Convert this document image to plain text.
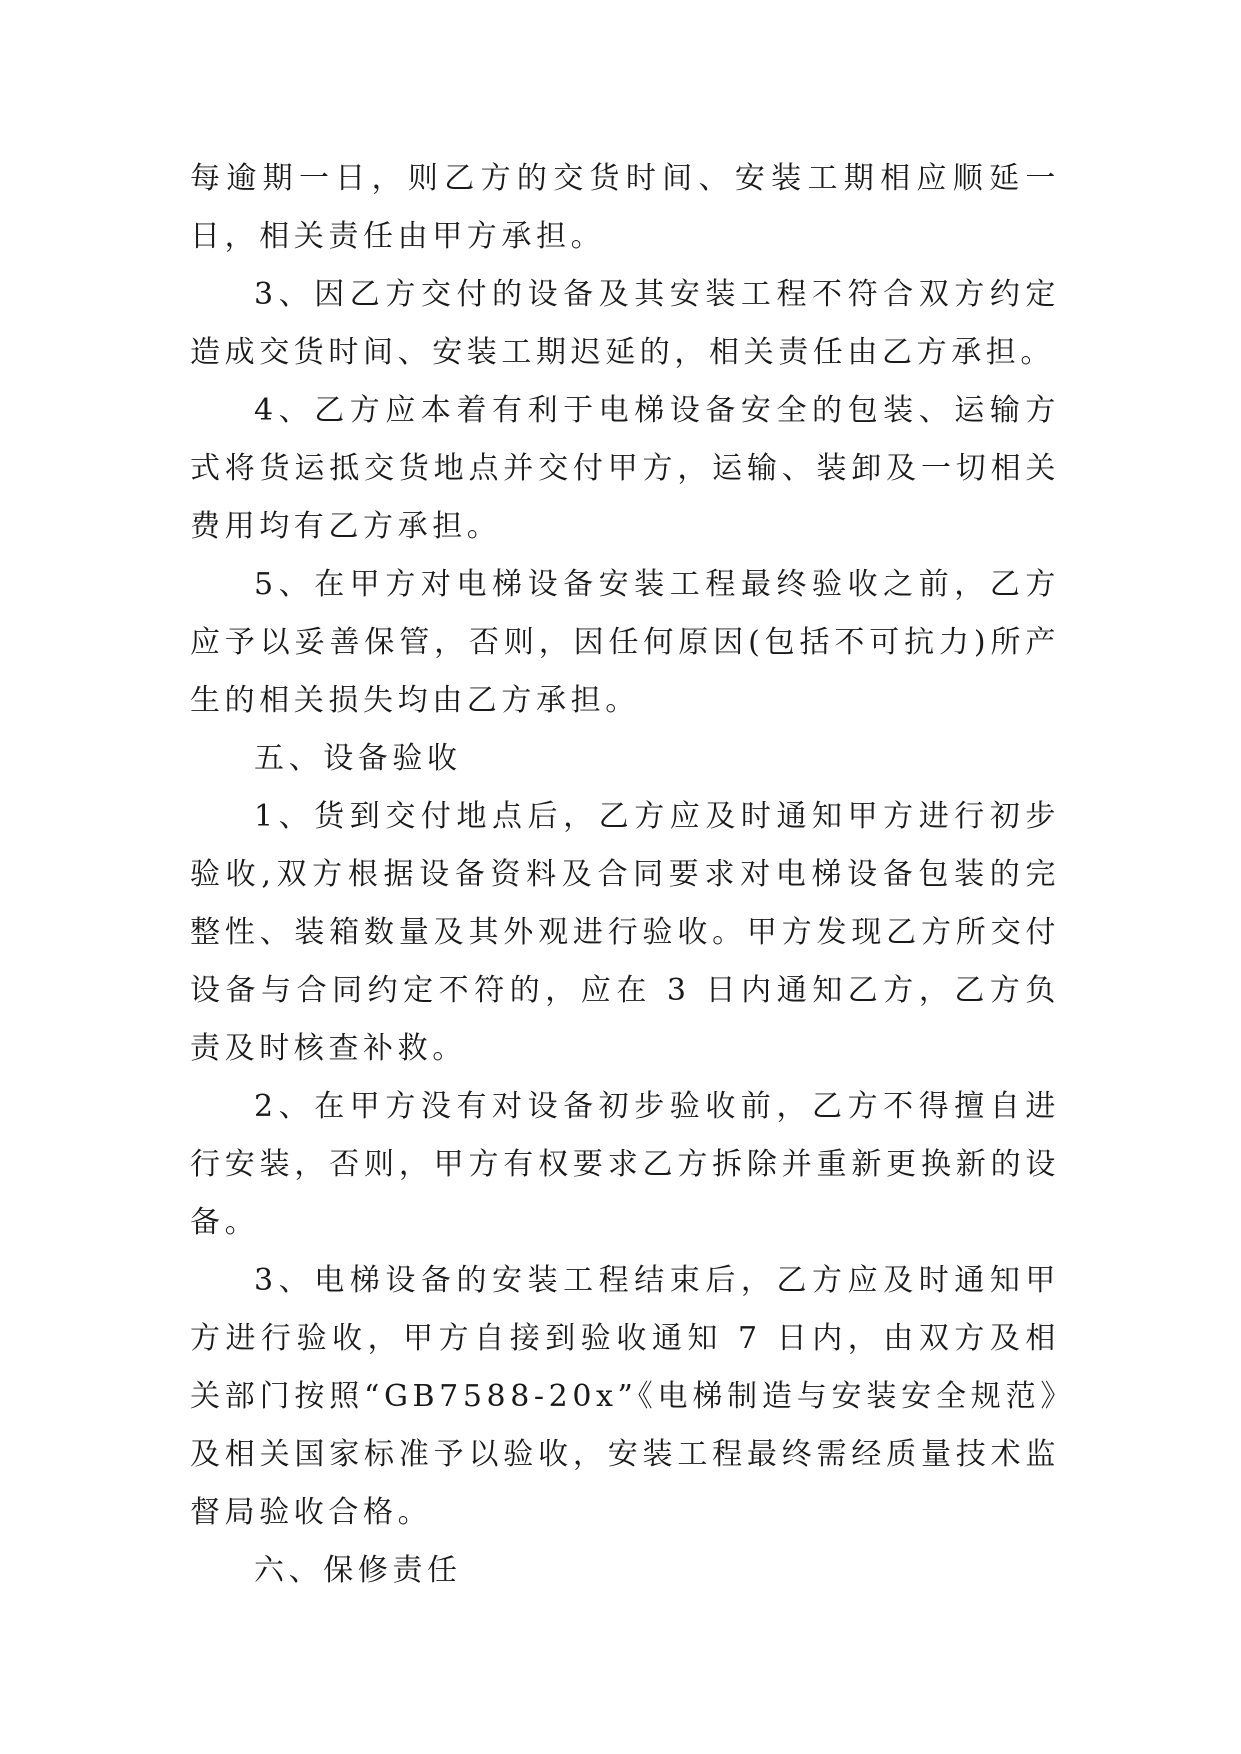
每逾期一日，则乙方的交货时间、安装工期相应顺延一日，相关责任由甲方承担。

3、因乙方交付的设备及其安装工程不符合双方约定造成交货时间、安装工期迟延的，相关责任由乙方承担。

4、乙方应本着有利于电梯设备安全的包装、运输方式将货运抵交货地点并交付甲方，运输、装卸及一切相关费用均有乙方承担。

5、在甲方对电梯设备安装工程最终验收之前，乙方应予以妥善保管，否则，因任何原因(包括不可抗力)所产生的相关损失均由乙方承担。

五、设备验收

1、货到交付地点后，乙方应及时通知甲方进行初步验收,双方根据设备资料及合同要求对电梯设备包装的完整性、装箱数量及其外观进行验收。甲方发现乙方所交付设备与合同约定不符的，应在 3 日内通知乙方，乙方负责及时核查补救。

2、在甲方没有对设备初步验收前，乙方不得擅自进行安装，否则，甲方有权要求乙方拆除并重新更换新的设备。

3、电梯设备的安装工程结束后，乙方应及时通知甲方进行验收，甲方自接到验收通知 7 日内，由双方及相关部门按照“GB7588-20x”《电梯制造与安装安全规范》及相关国家标准予以验收，安装工程最终需经质量技术监督局验收合格。

六、保修责任
